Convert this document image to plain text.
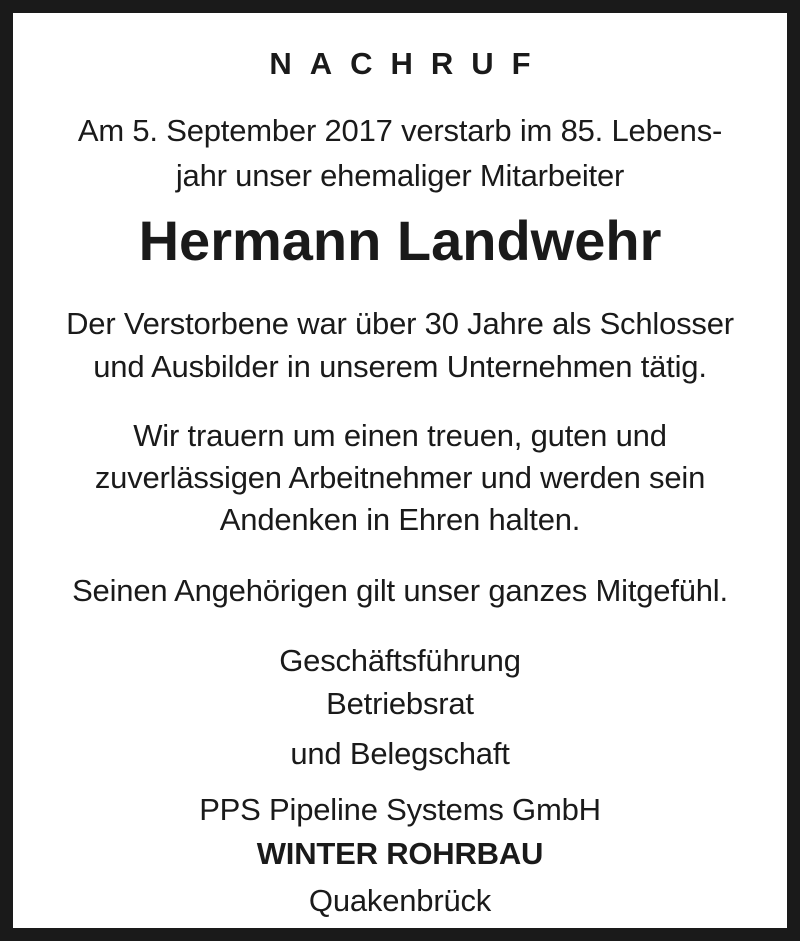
NACHRUF
Am 5. September 2017 verstarb im 85. Lebens-
jahr unser ehemaliger Mitarbeiter
Hermann Landwehr
Der Verstorbene war über 30 Jahre als Schlosser
und Ausbilder in unserem Unternehmen tätig.
Wir trauern um einen treuen, guten und
zuverlässigen Arbeitnehmer und werden sein
Andenken in Ehren halten.
Seinen Angehörigen gilt unser ganzes Mitgefühl.
Geschäftsführung
Betriebsrat
und Belegschaft
PPS Pipeline Systems GmbH
WINTER ROHRBAU
Quakenbrück
